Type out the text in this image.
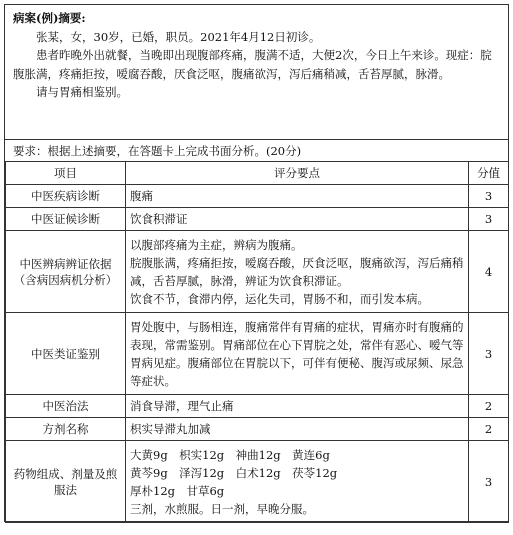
病案(例)摘要:

张某，女，30岁，已婚，职员。2021年4月12日初诊。

患者昨晚外出就餐，当晚即出现腹部疼痛，腹满不适，大便2次，今日上午来诊。现症：脘腹胀满，疼痛拒按，嗳腐吞酸，厌食泛呕，腹痛欲泻，泻后痛稍减，舌苔厚腻，脉滑。

请与胃痛相鉴别。

要求：根据上述摘要，在答题卡上完成书面分析。(20分)
项目	评分要点	分值
中医疾病诊断	腹痛	3
中医证候诊断	饮食积滞证	3
中医辨病辨证依据（含病因病机分析）	以腹部疼痛为主症，辨病为腹痛。
脘腹胀满，疼痛拒按，嗳腐吞酸，厌食泛呕，腹痛欲泻，泻后痛稍减，舌苔厚腻，脉滑，辨证为饮食积滞证。
饮食不节，食滞内停，运化失司，胃肠不和，而引发本病。	4
中医类证鉴别	胃处腹中，与肠相连，腹痛常伴有胃痛的症状，胃痛亦时有腹痛的表现，常需鉴别。胃痛部位在心下胃脘之处，常伴有恶心、嗳气等胃病见症。腹痛部位在胃脘以下，可伴有便秘、腹泻或尿频、尿急等症状。	3
中医治法	消食导滞，理气止痛	2
方剂名称	枳实导滞丸加减	2
药物组成、剂量及煎服法	大黄9g　枳实12g　神曲12g　黄连6g
黄芩9g　泽泻12g　白术12g　茯苓12g
厚朴12g　甘草6g
三剂，水煎服。日一剂，早晚分服。	3
